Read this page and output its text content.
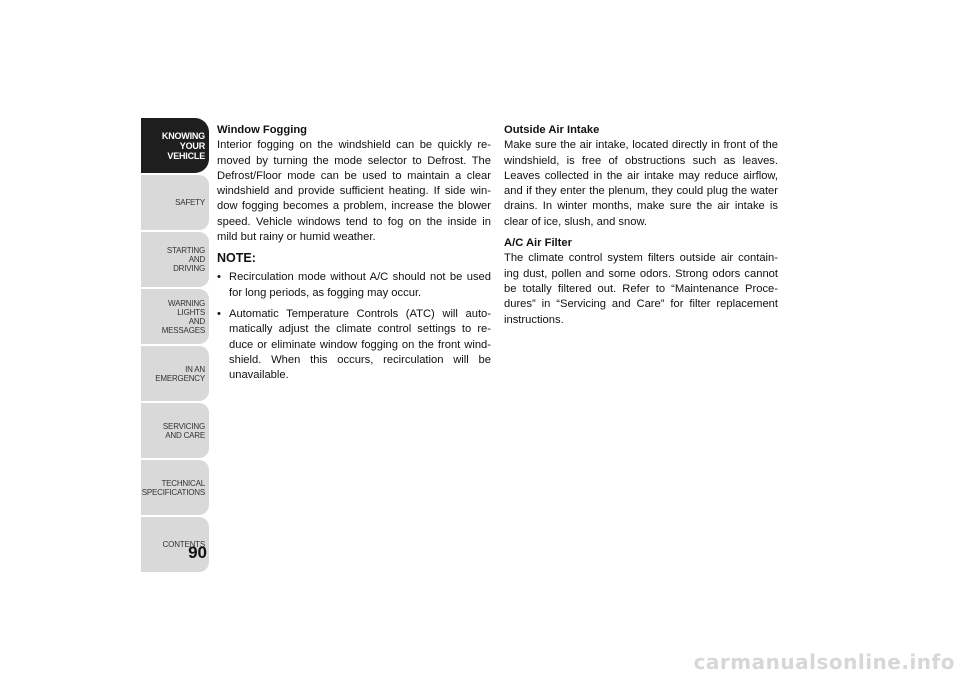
KNOWING
YOUR
VEHICLE
SAFETY
STARTING
AND
DRIVING
WARNING
LIGHTS
AND
MESSAGES
IN AN
EMERGENCY
SERVICING
AND CARE
TECHNICAL
SPECIFICATIONS
CONTENTS
90
Window Fogging

Interior fogging on the windshield can be quickly re-moved by turning the mode selector to Defrost. The Defrost/Floor mode can be used to maintain a clear windshield and provide sufficient heating. If side win-dow fogging becomes a problem, increase the blower speed. Vehicle windows tend to fog on the inside in mild but rainy or humid weather.

NOTE:
• Recirculation mode without A/C should not be used for long periods, as fogging may occur.
• Automatic Temperature Controls (ATC) will auto-matically adjust the climate control settings to re-duce or eliminate window fogging on the front wind-shield. When this occurs, recirculation will be unavailable.
Outside Air Intake

Make sure the air intake, located directly in front of the windshield, is free of obstructions such as leaves. Leaves collected in the air intake may reduce airflow, and if they enter the plenum, they could plug the water drains. In winter months, make sure the air intake is clear of ice, slush, and snow.

A/C Air Filter

The climate control system filters outside air contain-ing dust, pollen and some odors. Strong odors cannot be totally filtered out. Refer to “Maintenance Proce-dures” in “Servicing and Care” for filter replacement instructions.

carmanualsonline.info
